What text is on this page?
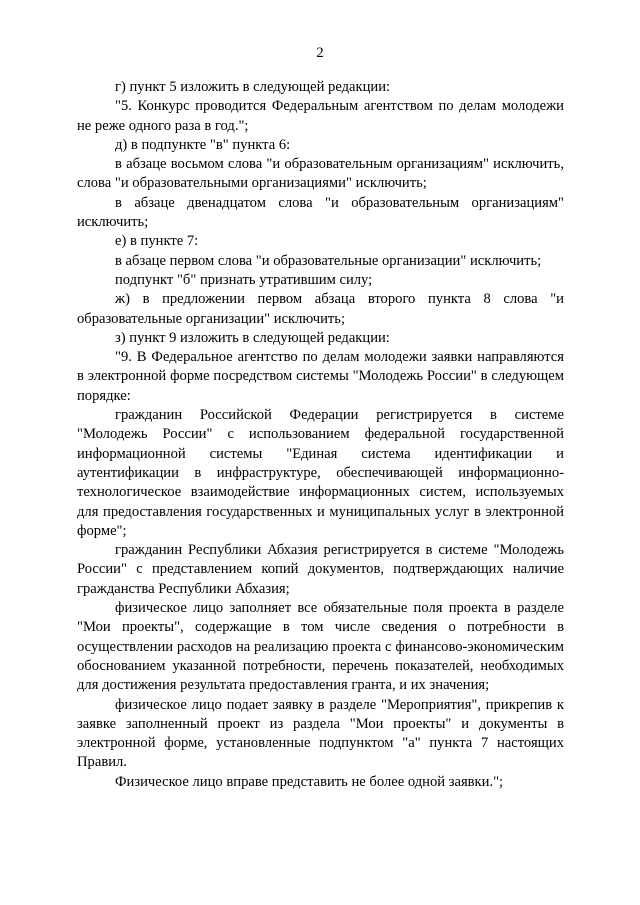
2

г) пункт 5 изложить в следующей редакции:

"5. Конкурс проводится Федеральным агентством по делам молодежи не реже одного раза в год.";

д) в подпункте "в" пункта 6:

в абзаце восьмом слова "и образовательным организациям" исключить, слова "и образовательными организациями" исключить;

в абзаце двенадцатом слова "и образовательным организациям" исключить;

е) в пункте 7:

в абзаце первом слова "и образовательные организации" исключить;

подпункт "б" признать утратившим силу;

ж) в предложении первом абзаца второго пункта 8 слова "и образовательные организации" исключить;

з) пункт 9 изложить в следующей редакции:

"9. В Федеральное агентство по делам молодежи заявки направляются в электронной форме посредством системы "Молодежь России" в следующем порядке:

гражданин Российской Федерации регистрируется в системе "Молодежь России" с использованием федеральной государственной информационной системы "Единая система идентификации и аутентификации в инфраструктуре, обеспечивающей информационно-технологическое взаимодействие информационных систем, используемых для предоставления государственных и муниципальных услуг в электронной форме";

гражданин Республики Абхазия регистрируется в системе "Молодежь России" с представлением копий документов, подтверждающих наличие гражданства Республики Абхазия;

физическое лицо заполняет все обязательные поля проекта в разделе "Мои проекты", содержащие в том числе сведения о потребности в осуществлении расходов на реализацию проекта с финансово-экономическим обоснованием указанной потребности, перечень показателей, необходимых для достижения результата предоставления гранта, и их значения;

физическое лицо подает заявку в разделе "Мероприятия", прикрепив к заявке заполненный проект из раздела "Мои проекты" и документы в электронной форме, установленные подпунктом "а" пункта 7 настоящих Правил.

Физическое лицо вправе представить не более одной заявки.";
